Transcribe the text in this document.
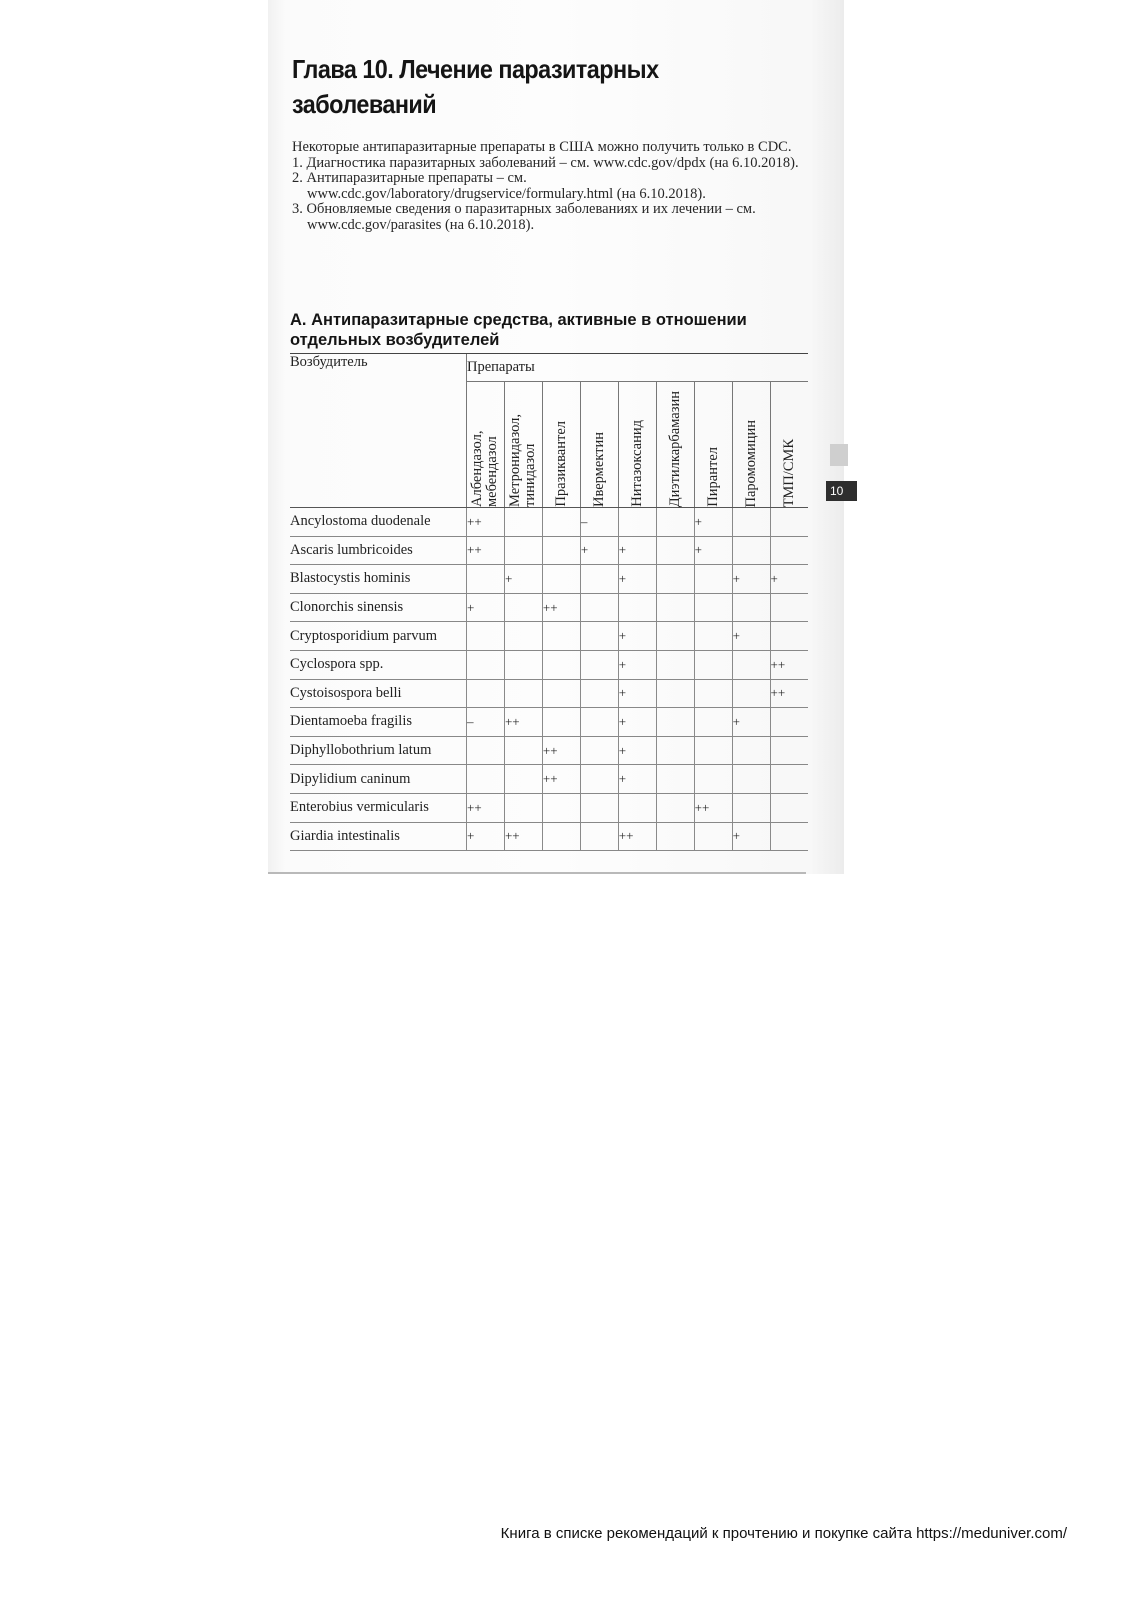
Глава 10. Лечение паразитарных
заболеваний

Некоторые антипаразитарные препараты в США можно получить только в CDC.

1. Диагностика паразитарных заболеваний – см. www.cdc.gov/dpdx (на 6.10.2018).
2. Антипаразитарные препараты – см. www.cdc.gov/laboratory/drugservice/formulary.html (на 6.10.2018).
3. Обновляемые сведения о паразитарных заболеваниях и их лечении – см. www.cdc.gov/parasites (на 6.10.2018).
А. Антипаразитарные средства, активные в отношении отдельных возбудителей
Возбудитель	Препараты								

	Албендазол, мебендазол	Метронидазол, тинидазол	Празиквантел	Ивермектин	Нитазоксанид	Диэтилкарбамазин	Пирантел	Паромомицин	ТМП/СМК

Ancylostoma duodenale	++			–			+		
Ascaris lumbricoides	++			+	+		+		
Blastocystis hominis		+			+			+	+
Clonorchis sinensis	+		++						
Cryptosporidium parvum					+			+	
Cyclospora spp.					+				++
Cystoisospora belli					+				++
Dientamoeba fragilis	–	++			+			+	
Diphyllobothrium latum			++		+				
Dipylidium caninum			++		+				
Enterobius vermicularis	++						++		
Giardia intestinalis	+	++			++			+	
10
Книга в списке рекомендаций к прочтению и покупке сайта https://meduniver.com/
